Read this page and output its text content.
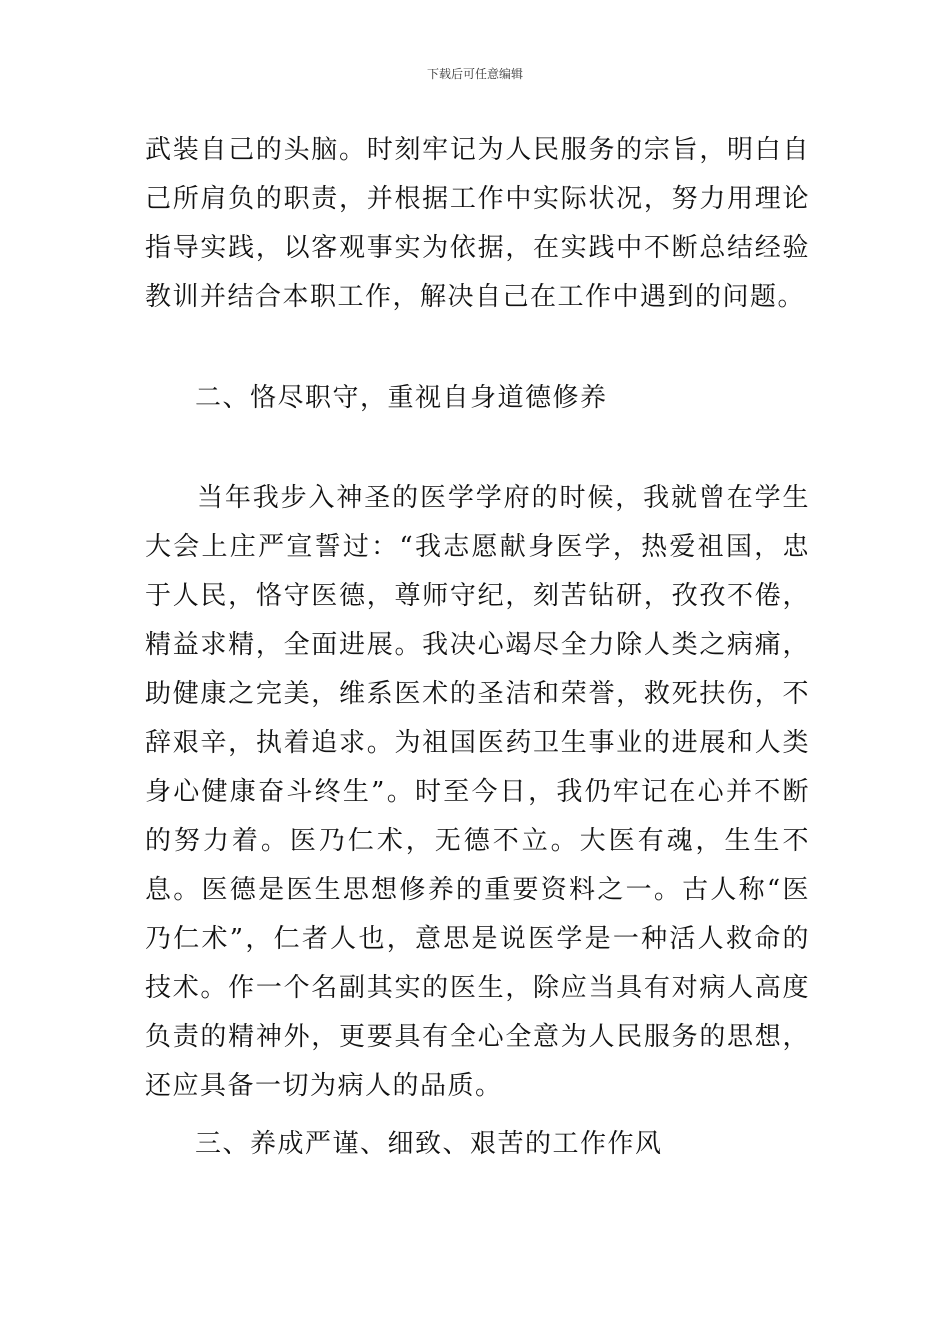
下载后可任意编辑

武装自己的头脑。时刻牢记为人民服务的宗旨，明白自己所肩负的职责，并根据工作中实际状况，努力用理论指导实践，以客观事实为依据，在实践中不断总结经验教训并结合本职工作，解决自己在工作中遇到的问题。

二、恪尽职守，重视自身道德修养

当年我步入神圣的医学学府的时候，我就曾在学生大会上庄严宣誓过：“我志愿献身医学，热爱祖国，忠于人民，恪守医德，尊师守纪，刻苦钻研，孜孜不倦，精益求精，全面进展。我决心竭尽全力除人类之病痛，助健康之完美，维系医术的圣洁和荣誉，救死扶伤，不辞艰辛，执着追求。为祖国医药卫生事业的进展和人类身心健康奋斗终生”。时至今日，我仍牢记在心并不断的努力着。医乃仁术，无德不立。大医有魂，生生不息。医德是医生思想修养的重要资料之一。古人称“医乃仁术”，仁者人也，意思是说医学是一种活人救命的技术。作一个名副其实的医生，除应当具有对病人高度负责的精神外，更要具有全心全意为人民服务的思想，还应具备一切为病人的品质。

三、养成严谨、细致、艰苦的工作作风
